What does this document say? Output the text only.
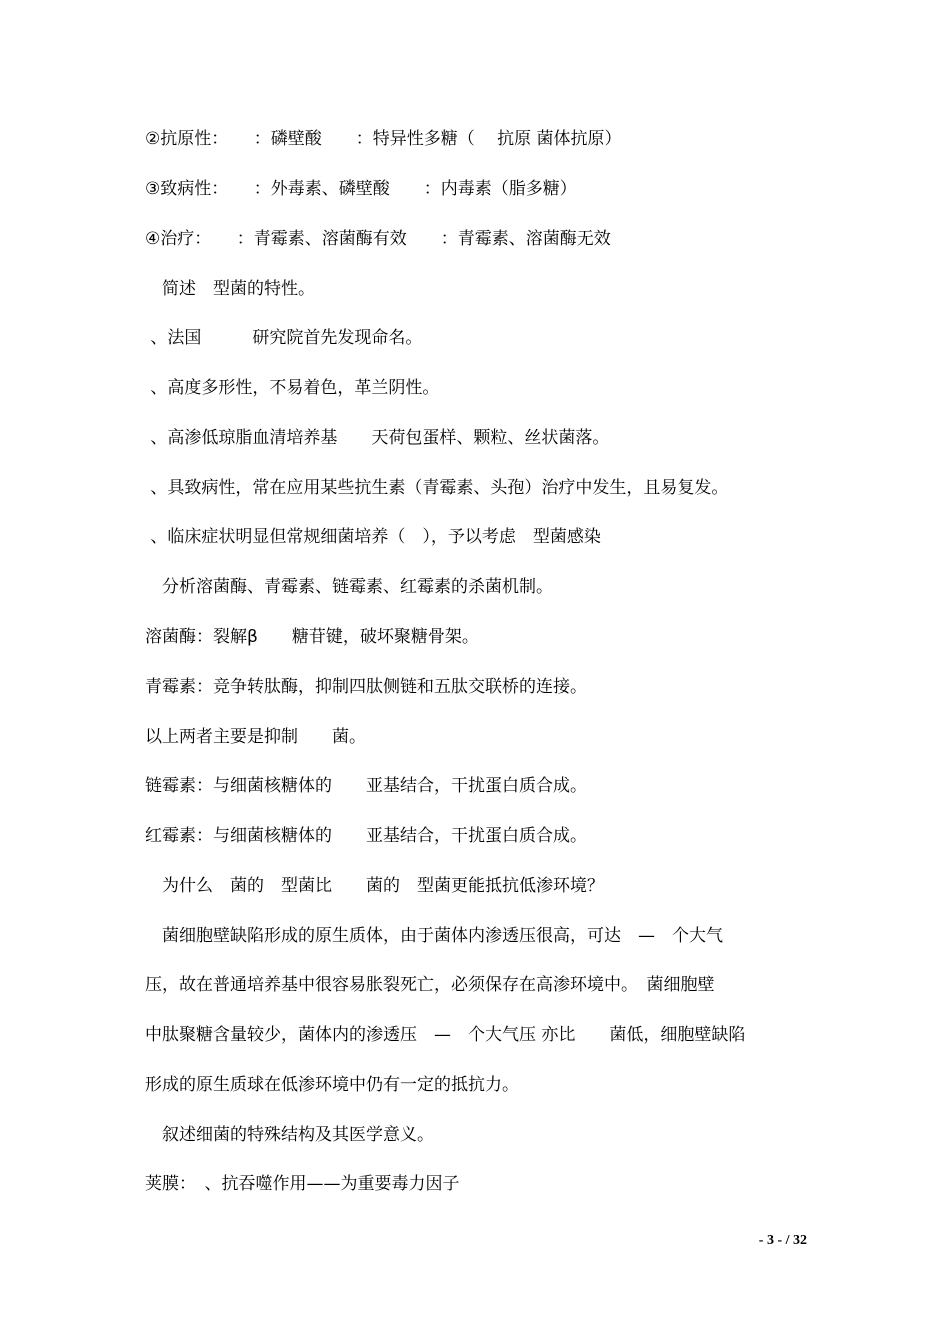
②抗原性：　　：磷壁酸　　：特异性多糖（　 抗原 菌体抗原）
③致病性：　　：外毒素、磷壁酸　　：内毒素（脂多糖）
④治疗：　　：青霉素、溶菌酶有效　　：青霉素、溶菌酶无效
　简述　型菌的特性。
、法国　　　研究院首先发现命名。
、高度多形性，不易着色，革兰阴性。
、高渗低琼脂血清培养基　　天荷包蛋样、颗粒、丝状菌落。
、具致病性，常在应用某些抗生素（青霉素、头孢）治疗中发生，且易复发。
、临床症状明显但常规细菌培养（　），予以考虑　型菌感染
　分析溶菌酶、青霉素、链霉素、红霉素的杀菌机制。
溶菌酶：裂解β　　糖苷键，破坏聚糖骨架。
青霉素：竞争转肽酶，抑制四肽侧链和五肽交联桥的连接。
以上两者主要是抑制　　菌。
链霉素：与细菌核糖体的　　亚基结合，干扰蛋白质合成。
红霉素：与细菌核糖体的　　亚基结合，干扰蛋白质合成。
　为什么　菌的　型菌比　　菌的　型菌更能抵抗低渗环境？
　菌细胞壁缺陷形成的原生质体，由于菌体内渗透压很高，可达　—　个大气
压，故在普通培养基中很容易胀裂死亡，必须保存在高渗环境中。　菌细胞壁
中肽聚糖含量较少，菌体内的渗透压　—　个大气压 亦比　　菌低，细胞壁缺陷
形成的原生质球在低渗环境中仍有一定的抵抗力。
　叙述细菌的特殊结构及其医学意义。
荚膜：　、抗吞噬作用——为重要毒力因子
- 3 - / 32
